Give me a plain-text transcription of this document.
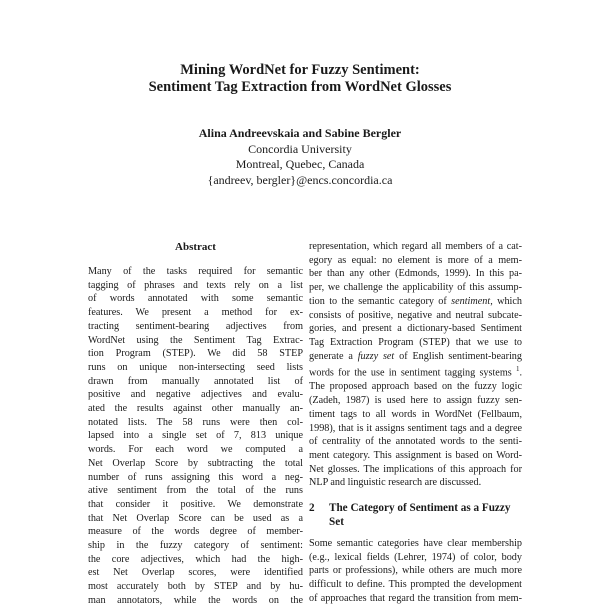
Mining WordNet for Fuzzy Sentiment:
Sentiment Tag Extraction from WordNet Glosses
Alina Andreevskaia and Sabine Bergler
Concordia University
Montreal, Quebec, Canada
{andreev, bergler}@encs.concordia.ca
Abstract
Many of the tasks required for semantic
tagging of phrases and texts rely on a list
of words annotated with some semantic
features. We present a method for ex-
tracting sentiment-bearing adjectives from
WordNet using the Sentiment Tag Extrac-
tion Program (STEP). We did 58 STEP
runs on unique non-intersecting seed lists
drawn from manually annotated list of
positive and negative adjectives and evalu-
ated the results against other manually an-
notated lists. The 58 runs were then col-
lapsed into a single set of 7, 813 unique
words. For each word we computed a
Net Overlap Score by subtracting the total
number of runs assigning this word a neg-
ative sentiment from the total of the runs
that consider it positive. We demonstrate
that Net Overlap Score can be used as a
measure of the words degree of member-
ship in the fuzzy category of sentiment:
the core adjectives, which had the high-
est Net Overlap scores, were identified
most accurately both by STEP and by hu-
man annotators, while the words on the
representation, which regard all members of a cat-
egory as equal: no element is more of a mem-
ber than any other (Edmonds, 1999). In this pa-
per, we challenge the applicability of this assump-
tion to the semantic category of sentiment, which
consists of positive, negative and neutral subcate-
gories, and present a dictionary-based Sentiment
Tag Extraction Program (STEP) that we use to
generate a fuzzy set of English sentiment-bearing
words for the use in sentiment tagging systems $^1$.
The proposed approach based on the fuzzy logic
(Zadeh, 1987) is used here to assign fuzzy sen-
timent tags to all words in WordNet (Fellbaum,
1998), that is it assigns sentiment tags and a degree
of centrality of the annotated words to the senti-
ment category. This assignment is based on Word-
Net glosses. The implications of this approach for
NLP and linguistic research are discussed.
2	The Category of Sentiment as a Fuzzy Set
Some semantic categories have clear membership
(e.g., lexical fields (Lehrer, 1974) of color, body
parts or professions), while others are much more
difficult to define. This prompted the development
of approaches that regard the transition from mem-
